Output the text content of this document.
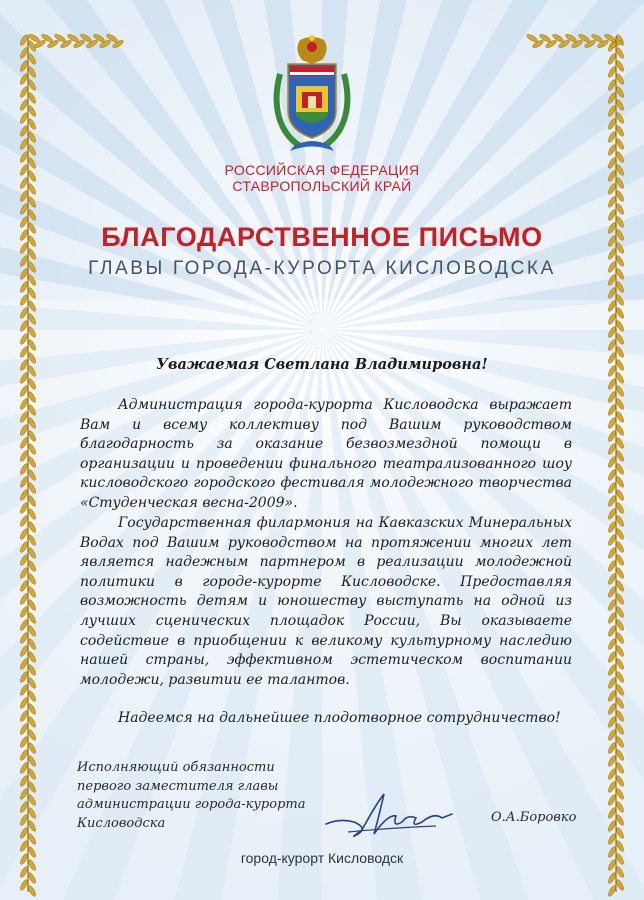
РОССИЙСКАЯ ФЕДЕРАЦИЯ
СТАВРОПОЛЬСКИЙ КРАЙ
БЛАГОДАРСТВЕННОЕ ПИСЬМО
ГЛАВЫ ГОРОДА-КУРОРТА КИСЛОВОДСКА
Уважаемая Светлана Владимировна!

Администрация города-курорта Кисловодска выражает Вам и всему коллективу под Вашим руководством благодарность за оказание безвозмездной помощи в организации и проведении финального театрализованного шоу кисловодского городского фестиваля молодежного творчества «Студенческая весна-2009».

Государственная филармония на Кавказских Минеральных Водах под Вашим руководством на протяжении многих лет является надежным партнером в реализации молодежной политики в городе-курорте Кисловодске. Предоставляя возможность детям и юношеству выступать на одной из лучших сценических площадок России, Вы оказываете содействие в приобщении к великому культурному наследию нашей страны, эффективном эстетическом воспитании молодежи, развитии ее талантов.

Надеемся на дальнейшее плодотворное сотрудничество!

Исполняющий обязанности
первого заместителя главы
администрации города-курорта
Кисловодска	О.А.Боровко
город-курорт Кисловодск
